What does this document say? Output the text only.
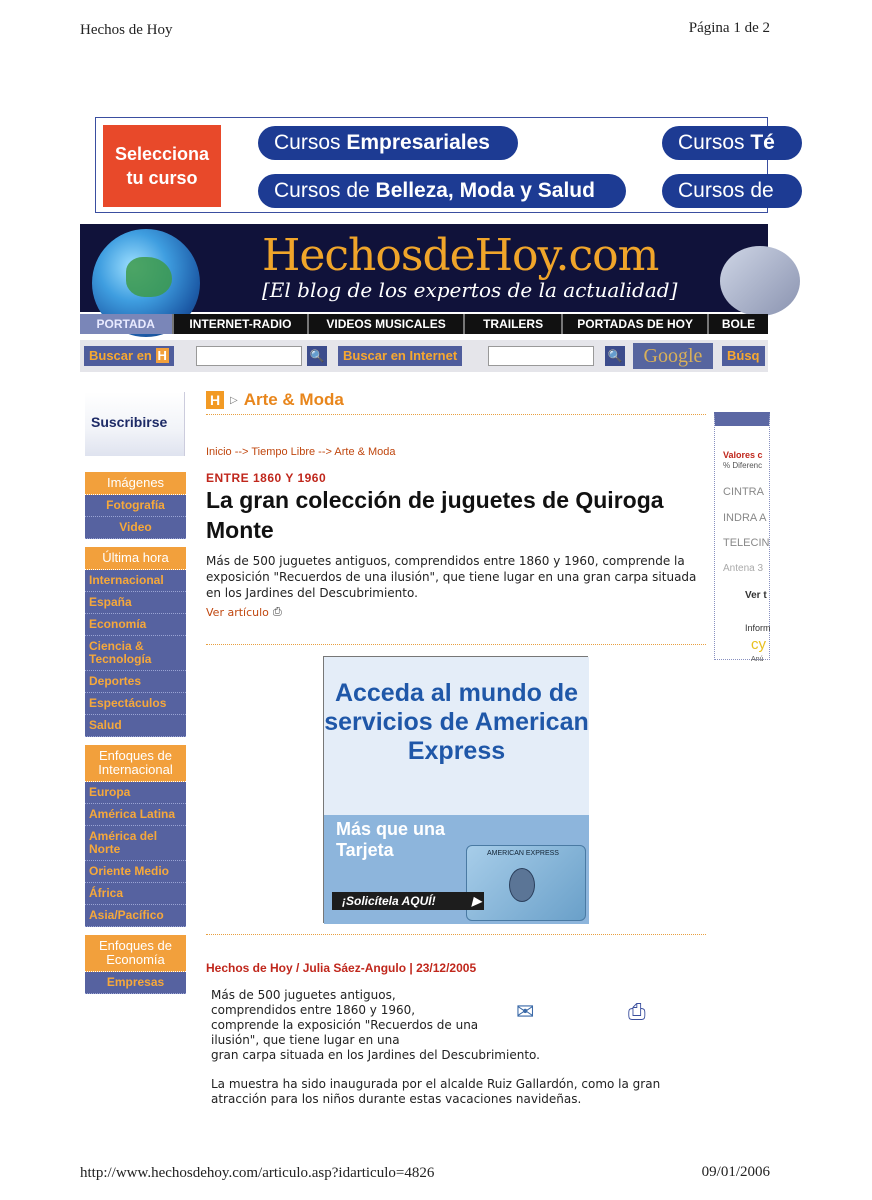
Hechos de Hoy	Página 1 de 2
Selecciona
tu curso
Cursos Empresariales
Cursos de Belleza, Moda y Salud
Cursos Té
Cursos de
HechosdeHoy.com
[El blog de los expertos de la actualidad]
PORTADA	INTERNET-RADIO	VIDEOS MUSICALES	TRAILERS	PORTADAS DE HOY	BOLE
Buscar en H	🔍	Buscar en Internet	🔍	Google	Búsq
Suscribirse
H ▷ Arte & Moda
Imágenes
Fotografía
Video
Última hora
Internacional
España
Economía
Ciencia & Tecnología
Deportes
Espectáculos
Salud
Enfoques de Internacional
Europa
América Latina
América del Norte
Oriente Medio
África
Asia/Pacífico
Enfoques de Economía
Empresas
Valores c
% Diferenc
CINTRA
INDRA A
TELECIN
Antena 3
Ver t
Inform
cy
Anú
Inicio --> Tiempo Libre --> Arte & Moda
ENTRE 1860 Y 1960
La gran colección de juguetes de Quiroga Monte
Más de 500 juguetes antiguos, comprendidos entre 1860 y 1960, comprende la exposición "Recuerdos de una ilusión", que tiene lugar en una gran carpa situada en los Jardines del Descubrimiento.
Ver artículo ⎙
Acceda al mundo de servicios de American Express
Más que una Tarjeta	AMERICAN EXPRESS
¡Solicítela AQUÍ!	▶
Hechos de Hoy / Julia Sáez-Angulo | 23/12/2005
Más de 500 juguetes antiguos, comprendidos entre 1860 y 1960, comprende la exposición "Recuerdos de una ilusión", que tiene lugar en una
gran carpa situada en los Jardines del Descubrimiento.
✉	⎙
La muestra ha sido inaugurada por el alcalde Ruiz Gallardón, como la gran atracción para los niños durante estas vacaciones navideñas.
http://www.hechosdehoy.com/articulo.asp?idarticulo=4826	09/01/2006
